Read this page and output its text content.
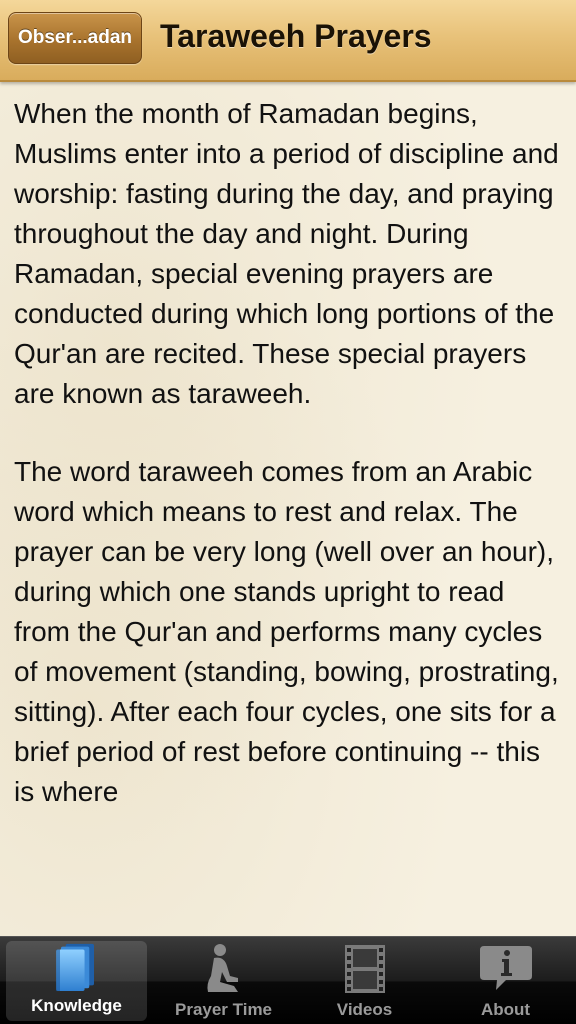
Obser...adan Taraweeh Prayers

When the month of Ramadan begins, Muslims enter into a period of discipline and worship: fasting during the day, and praying throughout the day and night. During Ramadan, special evening prayers are conducted during which long portions of the Qur'an are recited. These special prayers are known as taraweeh.

The word taraweeh comes from an Arabic word which means to rest and relax. The prayer can be very long (well over an hour), during which one stands upright to read from the Qur'an and performs many cycles of movement (standing, bowing, prostrating, sitting). After each four cycles, one sits for a brief period of rest before continuing -- this is where

Knowledge	Prayer Time	Videos	About
